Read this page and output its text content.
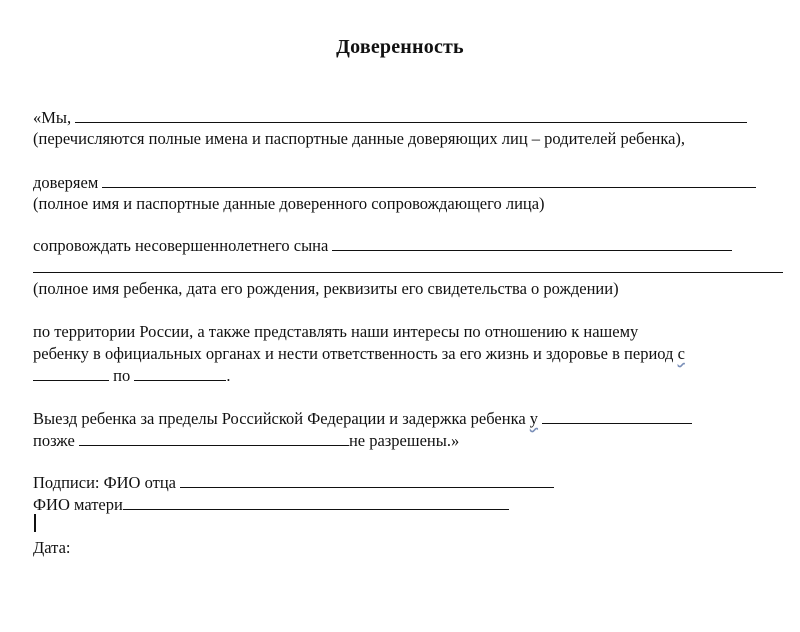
Доверенность
«Мы,
(перечисляются полные имена и паспортные данные доверяющих лиц – родителей ребенка),
доверяем
(полное имя и паспортные данные доверенного сопровождающего лица)
сопровождать несовершеннолетнего сына
(полное имя ребенка, дата его рождения, реквизиты его свидетельства о рождении)
по территории России, а также представлять наши интересы по отношению к нашему
ребенку в официальных органах и нести ответственность за его жизнь и здоровье в период с
по	.
Выезд ребенка за пределы Российской Федерации и задержка ребенка у
позже	не разрешены.»
Подписи: ФИО отца
ФИО матери
Дата:
